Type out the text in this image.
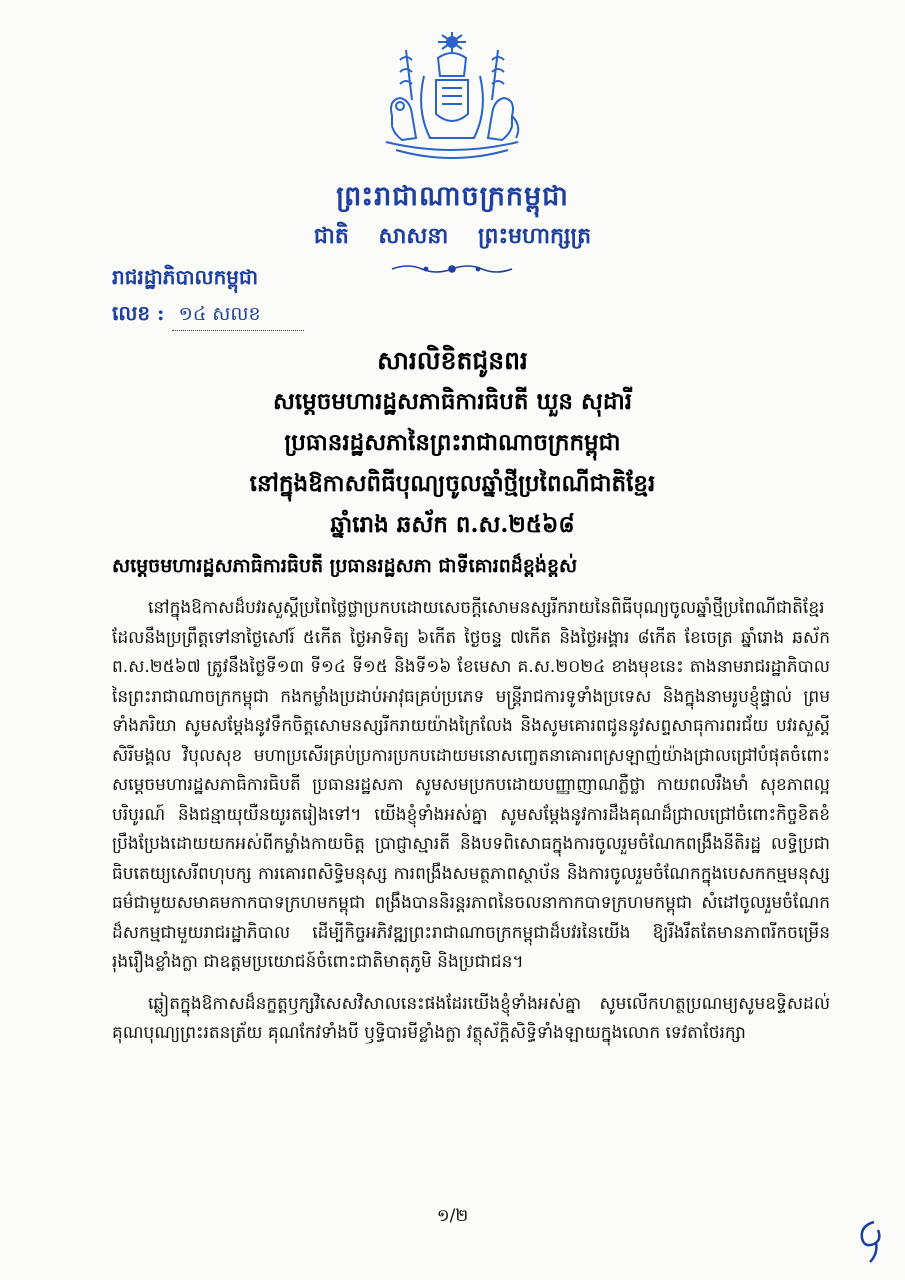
ព្រះរាជាណាចក្រកម្ពុជា
ជាតិ សាសនា ព្រះមហាក្សត្រ
រាជរដ្ឋាភិបាលកម្ពុជា
លេខ : ១៤ សលខ
សារលិខិតជូនពរ
សម្តេចមហារដ្ឋសភាធិការធិបតី ឃួន សុដារី
ប្រធានរដ្ឋសភានៃព្រះរាជាណាចក្រកម្ពុជា
នៅក្នុងឱកាសពិធីបុណ្យចូលឆ្នាំថ្មីប្រពៃណីជាតិខ្មែរ
ឆ្នាំរោង ឆស័ក ព.ស.២៥៦៨
សម្តេចមហារដ្ឋសភាធិការធិបតី ប្រធានរដ្ឋសភា ជាទីគោរពដ៏ខ្ពង់ខ្ពស់

នៅក្នុងឱកាសដ៏បវរសួស្តីប្រពៃថ្លៃថ្លាប្រកបដោយសេចក្តីសោមនស្សរីករាយនៃពិធីបុណ្យចូលឆ្នាំថ្មីប្រពៃណីជាតិខ្មែរ ដែលនឹងប្រព្រឹត្តទៅនាថ្ងៃសៅរ៍ ៥កើត ថ្ងៃអាទិត្យ ៦កើត ថ្ងៃចន្ទ ៧កើត និងថ្ងៃអង្គារ ៨កើត ខែចេត្រ ឆ្នាំរោង ឆស័ក ព.ស.២៥៦៧ ត្រូវនឹងថ្ងៃទី១៣ ទី១៤ ទី១៥ និងទី១៦ ខែមេសា គ.ស.២០២៤ ខាងមុខនេះ តាងនាមរាជរដ្ឋាភិបាលនៃព្រះរាជាណាចក្រកម្ពុជា កងកម្លាំងប្រដាប់អាវុធគ្រប់ប្រភេទ មន្ត្រីរាជការទូទាំងប្រទេស និងក្នុងនាមរូបខ្ញុំផ្ទាល់ ព្រមទាំងភរិយា សូមសម្តែងនូវទឹកចិត្តសោមនស្សរីករាយយ៉ាងក្រៃលែង និងសូមគោរពជូននូវសព្ទសាធុការពរជ័យ បវរសួស្តី សិរីមង្គល វិបុលសុខ មហាប្រសើរគ្រប់ប្រការប្រកបដោយមនោសញ្ចេតនាគោរពស្រឡាញ់យ៉ាងជ្រាលជ្រៅបំផុតចំពោះ សម្តេចមហារដ្ឋសភាធិការធិបតី ប្រធានរដ្ឋសភា សូមសមប្រកបដោយបញ្ញាញាណភ្លឺថ្លា កាយពលរឹងមាំ សុខភាពល្អបរិបូរណ៍ និងជន្មាយុយឺនយូរតរៀងទៅ។ យើងខ្ញុំទាំងអស់គ្នា សូមសម្តែងនូវការដឹងគុណដ៏ជ្រាលជ្រៅចំពោះកិច្ចខិតខំប្រឹងប្រែងដោយយកអស់ពីកម្លាំងកាយចិត្ត ប្រាជ្ញាស្មារតី និងបទពិសោធក្នុងការចូលរួមចំណែកពង្រឹងនីតិរដ្ឋ លទ្ធិប្រជាធិបតេយ្យសេរីពហុបក្ស ការគោរពសិទ្ធិមនុស្ស ការពង្រឹងសមត្ថភាពស្ថាប័ន និងការចូលរួមចំណែកក្នុងបេសកកម្មមនុស្សធម៌ជាមួយសមាគមកាកបាទក្រហមកម្ពុជា ពង្រឹងបាននិរន្តរភាពនៃចលនាកាកបាទក្រហមកម្ពុជា សំដៅចូលរួមចំណែកដ៏សកម្មជាមួយរាជរដ្ឋាភិបាល ដើម្បីកិច្ចអភិវឌ្ឍព្រះរាជាណាចក្រកម្ពុជាដ៏បវរនៃយើង ឱ្យរីងរឹតតែមានភាពរីកចម្រើនរុងរឿងខ្លាំងក្លា ជាឧត្តមប្រយោជន៍ចំពោះជាតិមាតុភូមិ និងប្រជាជន។

ឆ្លៀតក្នុងឱកាសដ៏នក្ខត្តឫក្សវិសេសវិសាលនេះផងដែរយើងខ្ញុំទាំងអស់គ្នា សូមលើកហត្ថប្រណម្យសូមឧទ្ទិសដល់គុណបុណ្យព្រះរតនត្រ័យ គុណកែវទាំងបី ឫទ្ធិបារមីខ្លាំងក្លា វត្ថុស័ក្តិសិទ្ធិទាំងឡាយក្នុងលោក ទេវតាថែរក្សា

១/២
